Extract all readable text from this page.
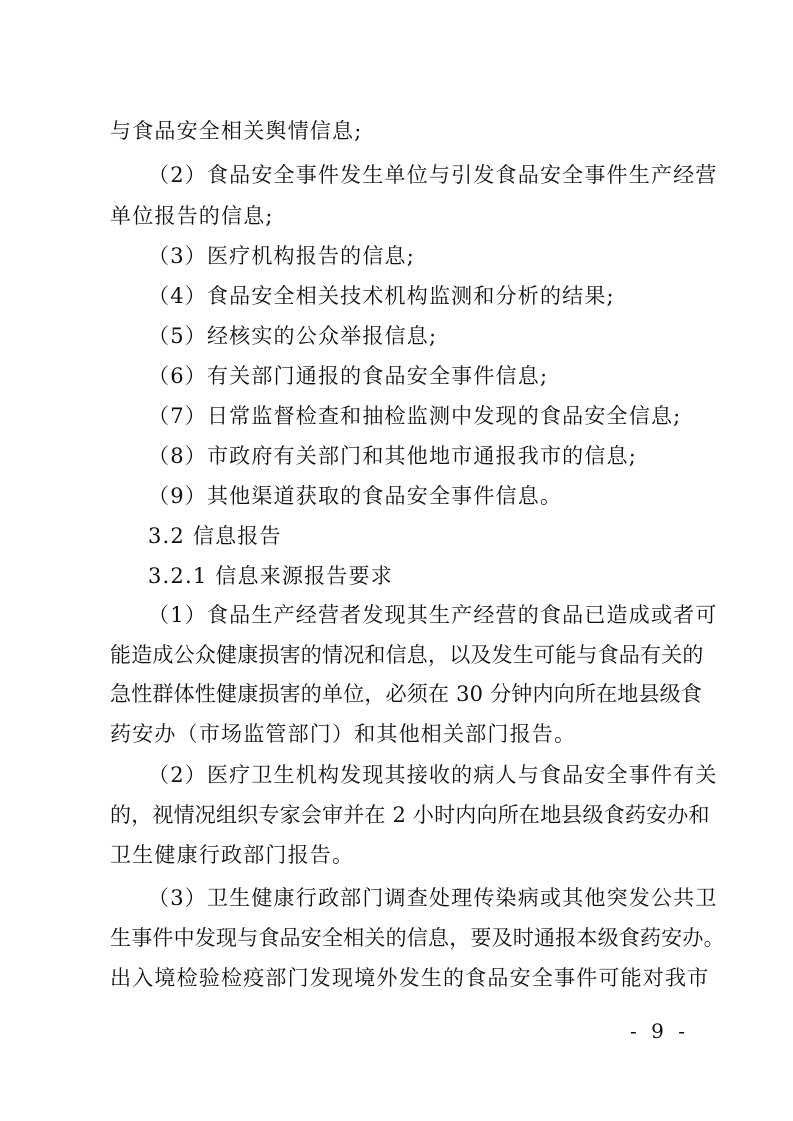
与食品安全相关舆情信息;
（2）食品安全事件发生单位与引发食品安全事件生产经营
单位报告的信息;
（3）医疗机构报告的信息;
（4）食品安全相关技术机构监测和分析的结果;
（5）经核实的公众举报信息;
（6）有关部门通报的食品安全事件信息;
（7）日常监督检查和抽检监测中发现的食品安全信息;
（8）市政府有关部门和其他地市通报我市的信息;
（9）其他渠道获取的食品安全事件信息。
3.2 信息报告
3.2.1 信息来源报告要求
（1）食品生产经营者发现其生产经营的食品已造成或者可
能造成公众健康损害的情况和信息，以及发生可能与食品有关的
急性群体性健康损害的单位，必须在 30 分钟内向所在地县级食
药安办（市场监管部门）和其他相关部门报告。
（2）医疗卫生机构发现其接收的病人与食品安全事件有关
的，视情况组织专家会审并在 2 小时内向所在地县级食药安办和
卫生健康行政部门报告。
（3）卫生健康行政部门调查处理传染病或其他突发公共卫
生事件中发现与食品安全相关的信息，要及时通报本级食药安办。
出入境检验检疫部门发现境外发生的食品安全事件可能对我市
- 9 -
